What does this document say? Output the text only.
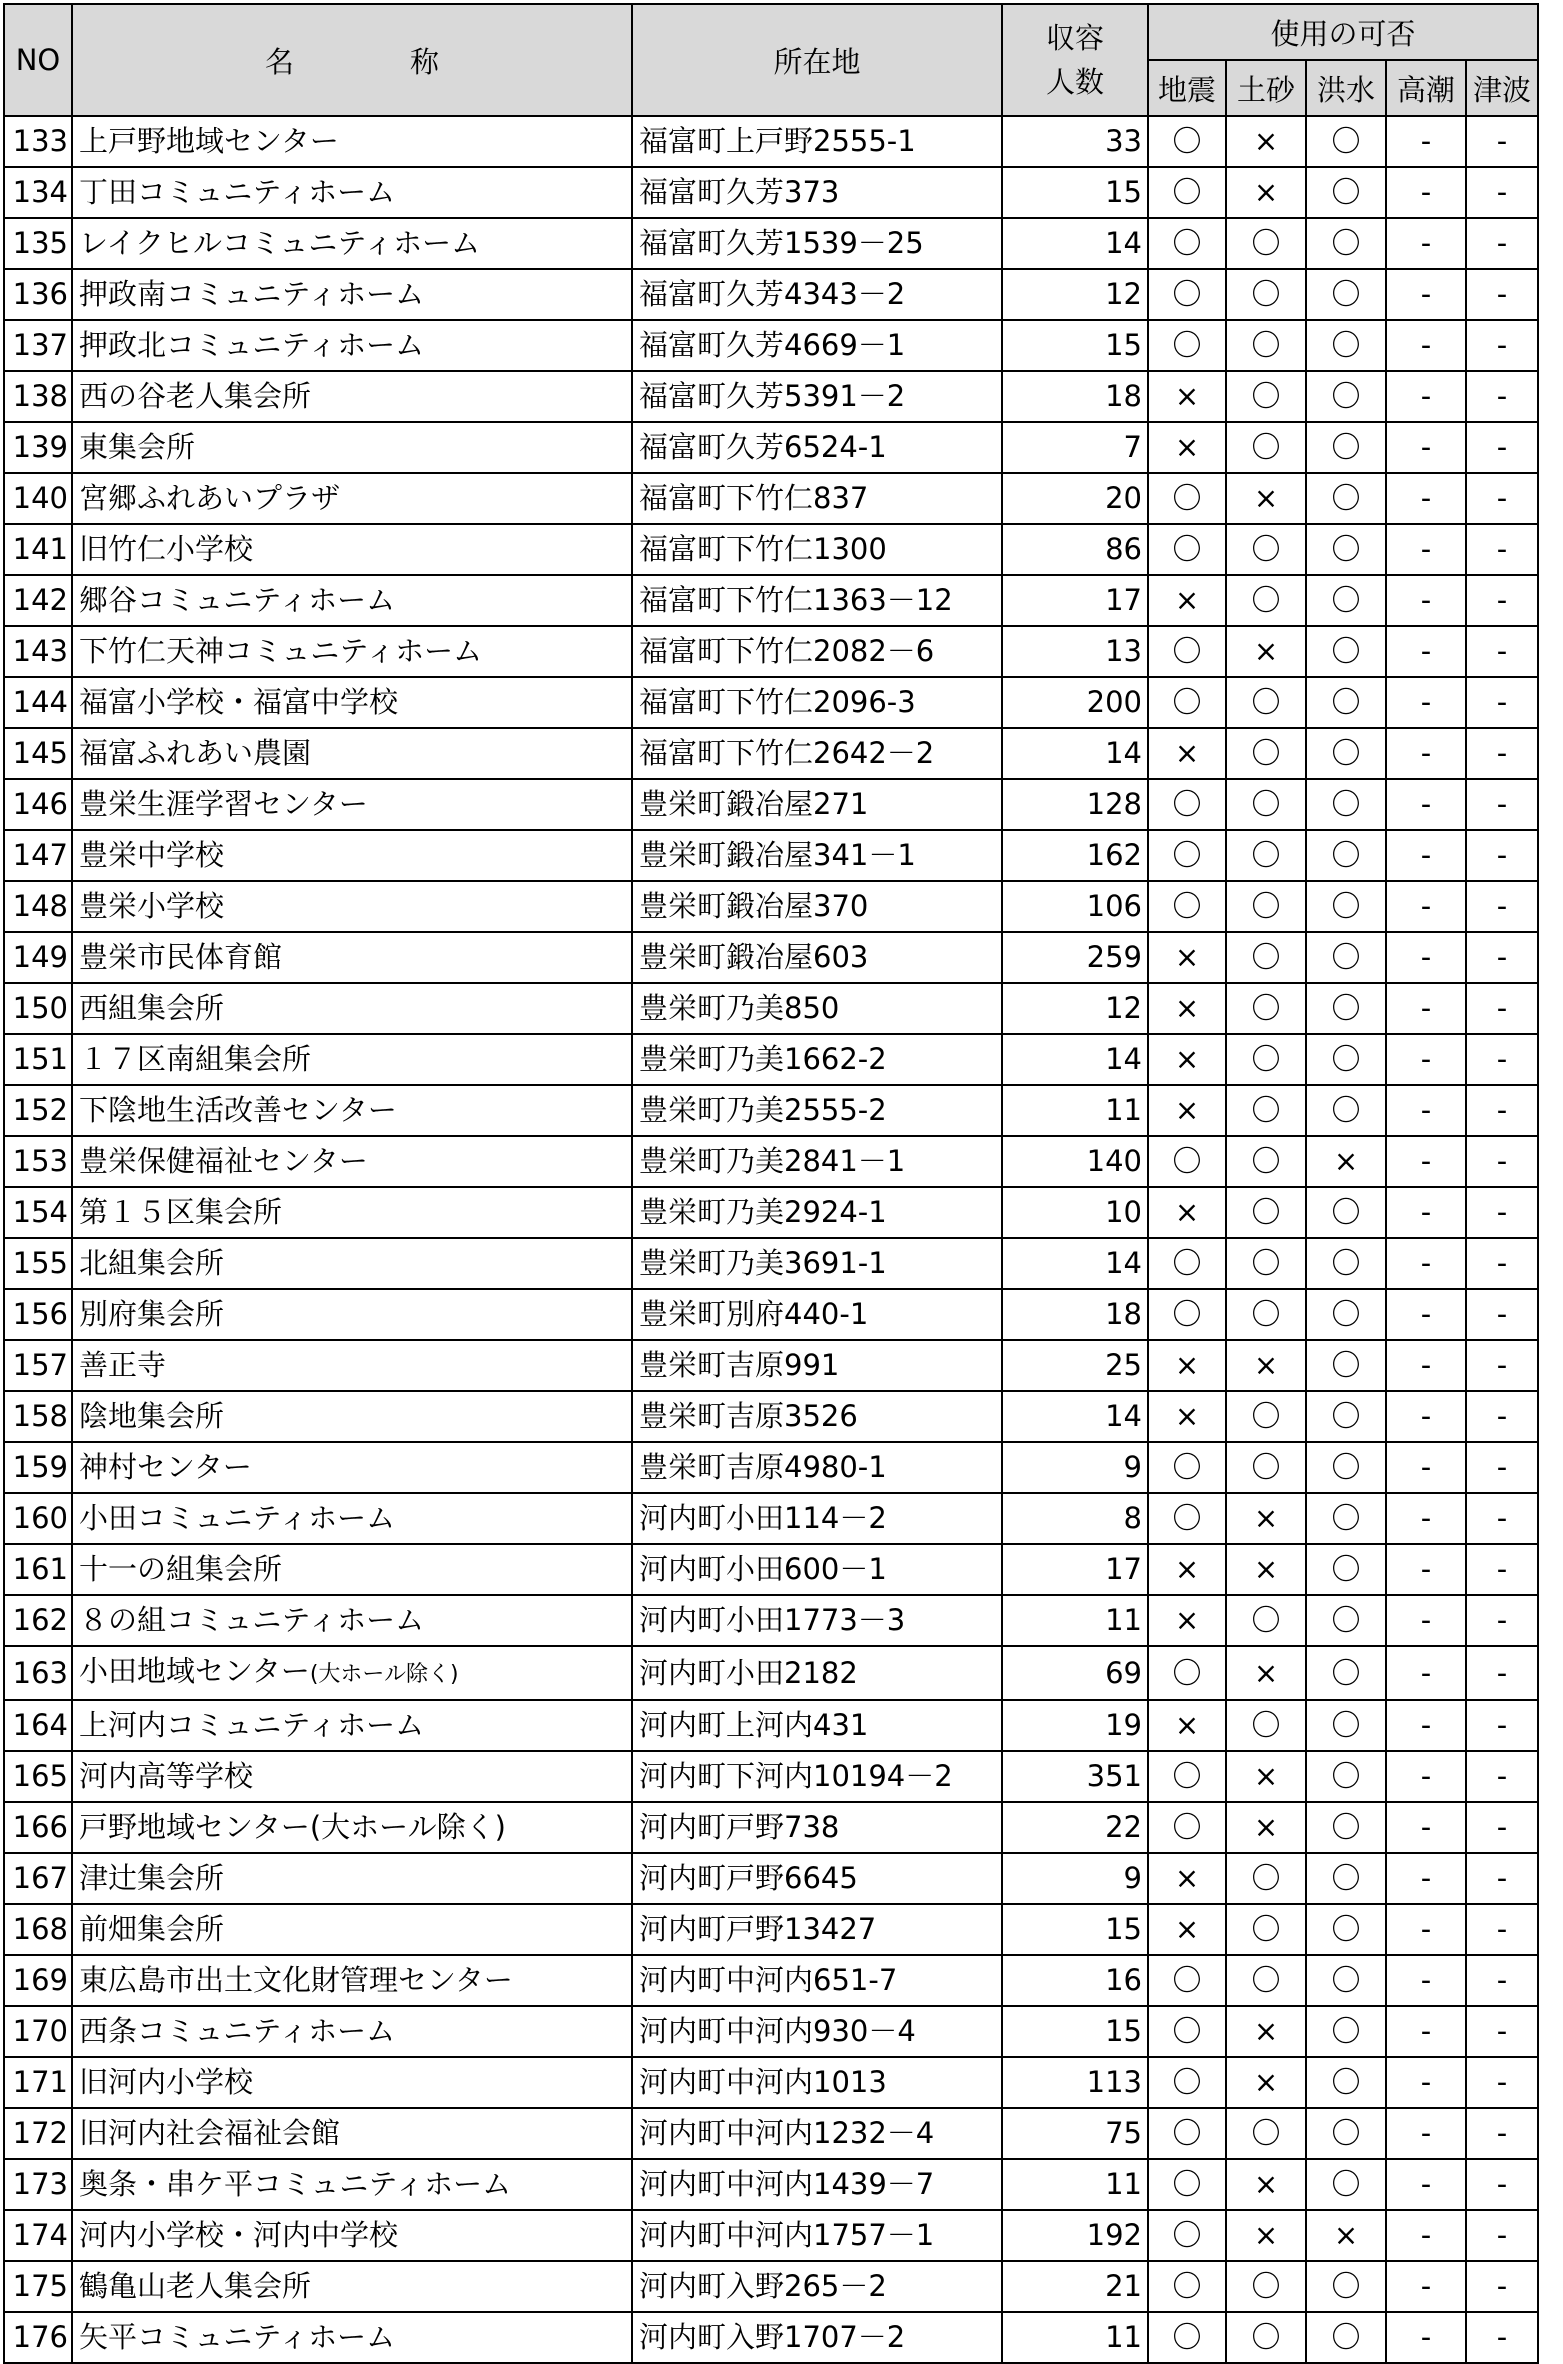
NO	名　　　　称	所在地	収容
人数	使用の可否				
				地震	土砂	洪水	高潮	津波
133	上戸野地域センター	福富町上戸野2555-1	33	〇	×	〇	-	-
134	丁田コミュニティホーム	福富町久芳373	15	〇	×	〇	-	-
135	レイクヒルコミュニティホーム	福富町久芳1539－25	14	〇	〇	〇	-	-
136	押政南コミュニティホーム	福富町久芳4343－2	12	〇	〇	〇	-	-
137	押政北コミュニティホーム	福富町久芳4669－1	15	〇	〇	〇	-	-
138	西の谷老人集会所	福富町久芳5391－2	18	×	〇	〇	-	-
139	東集会所	福富町久芳6524-1	7	×	〇	〇	-	-
140	宮郷ふれあいプラザ	福富町下竹仁837	20	〇	×	〇	-	-
141	旧竹仁小学校	福富町下竹仁1300	86	〇	〇	〇	-	-
142	郷谷コミュニティホーム	福富町下竹仁1363－12	17	×	〇	〇	-	-
143	下竹仁天神コミュニティホーム	福富町下竹仁2082－6	13	〇	×	〇	-	-
144	福富小学校・福富中学校	福富町下竹仁2096-3	200	〇	〇	〇	-	-
145	福富ふれあい農園	福富町下竹仁2642－2	14	×	〇	〇	-	-
146	豊栄生涯学習センター	豊栄町鍛冶屋271	128	〇	〇	〇	-	-
147	豊栄中学校	豊栄町鍛冶屋341－1	162	〇	〇	〇	-	-
148	豊栄小学校	豊栄町鍛冶屋370	106	〇	〇	〇	-	-
149	豊栄市民体育館	豊栄町鍛冶屋603	259	×	〇	〇	-	-
150	西組集会所	豊栄町乃美850	12	×	〇	〇	-	-
151	１７区南組集会所	豊栄町乃美1662-2	14	×	〇	〇	-	-
152	下陰地生活改善センター	豊栄町乃美2555-2	11	×	〇	〇	-	-
153	豊栄保健福祉センター	豊栄町乃美2841－1	140	〇	〇	×	-	-
154	第１５区集会所	豊栄町乃美2924-1	10	×	〇	〇	-	-
155	北組集会所	豊栄町乃美3691-1	14	〇	〇	〇	-	-
156	別府集会所	豊栄町別府440-1	18	〇	〇	〇	-	-
157	善正寺	豊栄町吉原991	25	×	×	〇	-	-
158	陰地集会所	豊栄町吉原3526	14	×	〇	〇	-	-
159	神村センター	豊栄町吉原4980-1	9	〇	〇	〇	-	-
160	小田コミュニティホーム	河内町小田114－2	8	〇	×	〇	-	-
161	十一の組集会所	河内町小田600－1	17	×	×	〇	-	-
162	８の組コミュニティホーム	河内町小田1773－3	11	×	〇	〇	-	-
163	小田地域センター(大ホール除く)	河内町小田2182	69	〇	×	〇	-	-
164	上河内コミュニティホーム	河内町上河内431	19	×	〇	〇	-	-
165	河内高等学校	河内町下河内10194－2	351	〇	×	〇	-	-
166	戸野地域センター(大ホール除く)	河内町戸野738	22	〇	×	〇	-	-
167	津辻集会所	河内町戸野6645	9	×	〇	〇	-	-
168	前畑集会所	河内町戸野13427	15	×	〇	〇	-	-
169	東広島市出土文化財管理センター	河内町中河内651-7	16	〇	〇	〇	-	-
170	西条コミュニティホーム	河内町中河内930－4	15	〇	×	〇	-	-
171	旧河内小学校	河内町中河内1013	113	〇	×	〇	-	-
172	旧河内社会福祉会館	河内町中河内1232－4	75	〇	〇	〇	-	-
173	奥条・串ケ平コミュニティホーム	河内町中河内1439－7	11	〇	×	〇	-	-
174	河内小学校・河内中学校	河内町中河内1757－1	192	〇	×	×	-	-
175	鶴亀山老人集会所	河内町入野265－2	21	〇	〇	〇	-	-
176	矢平コミュニティホーム	河内町入野1707－2	11	〇	〇	〇	-	-
